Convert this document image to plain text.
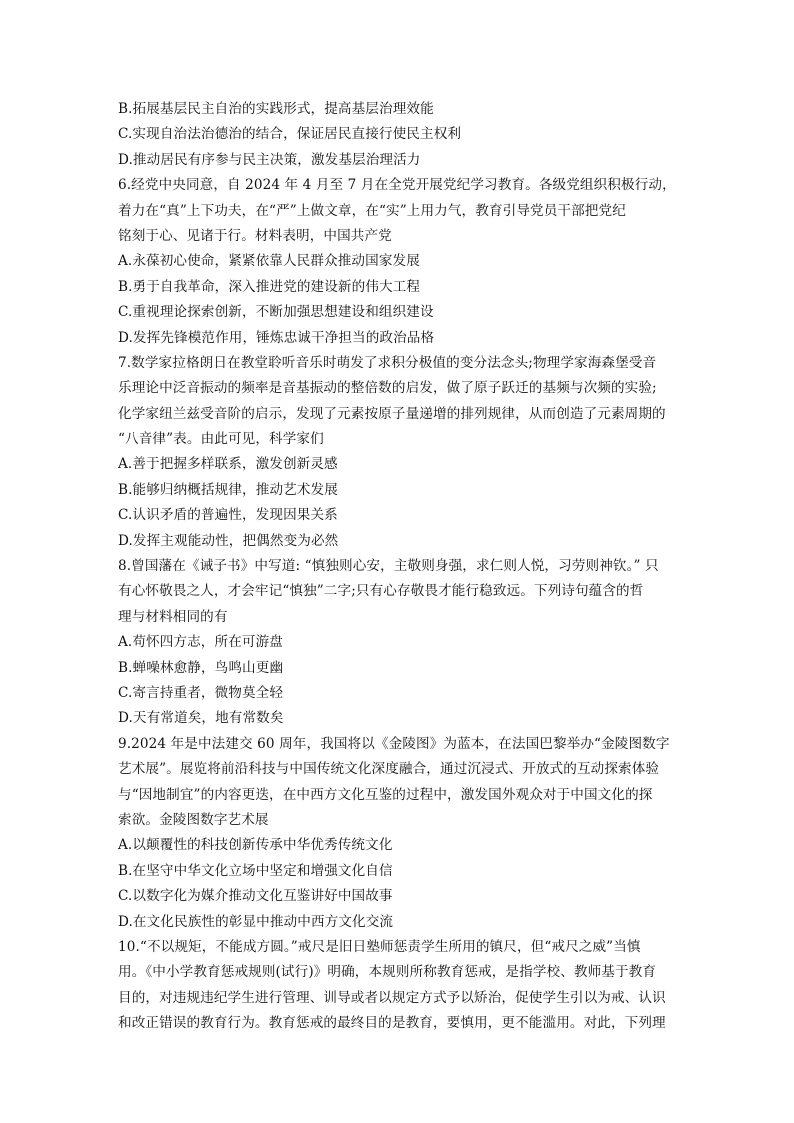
B.拓展基层民主自治的实践形式，提高基层治理效能
C.实现自治法治德治的结合，保证居民直接行使民主权利
D.推动居民有序参与民主决策，激发基层治理活力
6.经党中央同意，自 2024 年 4 月至 7 月在全党开展党纪学习教育。各级党组织积极行动，
着力在“真”上下功夫，在“严”上做文章，在“实”上用力气，教育引导党员干部把党纪
铭刻于心、见诸于行。材料表明，中国共产党
A.永葆初心使命，紧紧依靠人民群众推动国家发展
B.勇于自我革命，深入推进党的建设新的伟大工程
C.重视理论探索创新，不断加强思想建设和组织建设
D.发挥先锋模范作用，锤炼忠诚干净担当的政治品格
7.数学家拉格朗日在教堂聆听音乐时萌发了求积分极值的变分法念头;物理学家海森堡受音
乐理论中泛音振动的频率是音基振动的整倍数的启发，做了原子跃迁的基频与次频的实验;
化学家纽兰兹受音阶的启示，发现了元素按原子量递增的排列规律，从而创造了元素周期的
“八音律”表。由此可见，科学家们
A.善于把握多样联系，激发创新灵感
B.能够归纳概括规律，推动艺术发展
C.认识矛盾的普遍性，发现因果关系
D.发挥主观能动性，把偶然变为必然
8.曾国藩在《诫子书》中写道: “慎独则心安，主敬则身强，求仁则人悦，习劳则神钦。” 只
有心怀敬畏之人，才会牢记“慎独”二字;只有心存敬畏才能行稳致远。下列诗句蕴含的哲
理与材料相同的有
A.苟怀四方志，所在可游盘
B.蝉噪林愈静，鸟鸣山更幽
C.寄言持重者，微物莫全轻
D.天有常道矣，地有常数矣
9.2024 年是中法建交 60 周年，我国将以《金陵图》为蓝本，在法国巴黎举办“金陵图数字
艺术展”。展览将前沿科技与中国传统文化深度融合，通过沉浸式、开放式的互动探索体验
与“因地制宜”的内容更迭，在中西方文化互鉴的过程中，激发国外观众对于中国文化的探
索欲。金陵图数字艺术展
A.以颠覆性的科技创新传承中华优秀传统文化
B.在坚守中华文化立场中坚定和增强文化自信
C.以数字化为媒介推动文化互鉴讲好中国故事
D.在文化民族性的彰显中推动中西方文化交流
10.“不以规矩，不能成方圆。”戒尺是旧日塾师惩责学生所用的镇尺，但“戒尺之威”当慎
用。《中小学教育惩戒规则(试行)》明确，本规则所称教育惩戒，是指学校、教师基于教育
目的，对违规违纪学生进行管理、训导或者以规定方式予以矫治，促使学生引以为戒、认识
和改正错误的教育行为。教育惩戒的最终目的是教育，要慎用，更不能滥用。对此，下列理
